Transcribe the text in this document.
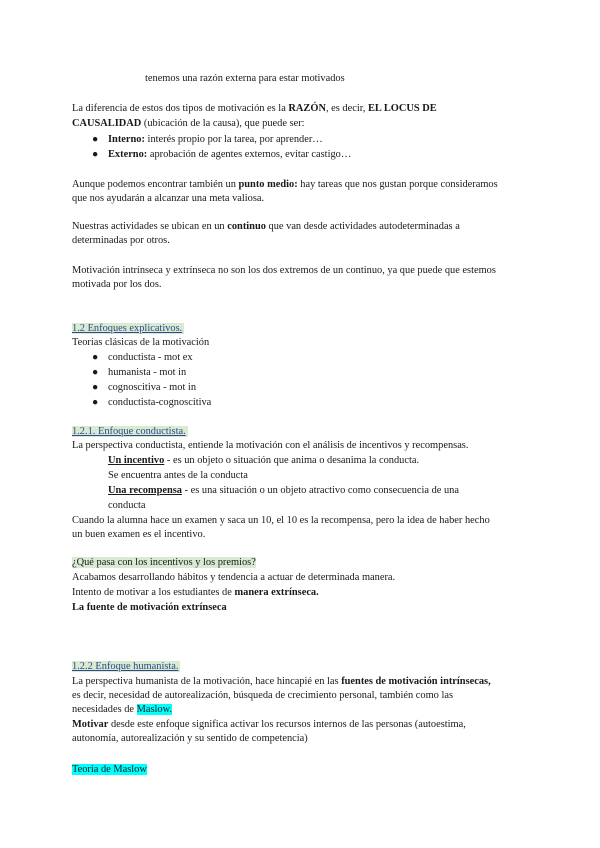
tenemos una razón externa para estar motivados
La diferencia de estos dos tipos de motivación es la RAZÓN, es decir, EL LOCUS DE
CAUSALIDAD (ubicación de la causa), que puede ser:
● Interno: interés propio por la tarea, por aprender…
● Externo: aprobación de agentes externos, evitar castigo…
Aunque podemos encontrar también un punto medio: hay tareas que nos gustan porque consideramos
que nos ayudarán a alcanzar una meta valiosa.
Nuestras actividades se ubican en un continuo que van desde actividades autodeterminadas a
determinadas por otros.
Motivación intrínseca y extrínseca no son los dos extremos de un continuo, ya que puede que estemos
motivada por los dos.
1.2 Enfoques explicativos.
Teorías clásicas de la motivación
● conductista - mot ex
● humanista - mot in
● cognoscitiva - mot in
● conductista-cognoscitiva
1.2.1. Enfoque conductista.
La perspectiva conductista, entiende la motivación con el análisis de incentivos y recompensas.
Un incentivo - es un objeto o situación que anima o desanima la conducta.
Se encuentra antes de la conducta
Una recompensa - es una situación o un objeto atractivo como consecuencia de una
conducta
Cuando la alumna hace un examen y saca un 10, el 10 es la recompensa, pero la idea de haber hecho
un buen examen es el incentivo.
¿Qué pasa con los incentivos y los premios?
Acabamos desarrollando hábitos y tendencia a actuar de determinada manera.
Intento de motivar a los estudiantes de manera extrínseca.
La fuente de motivación extrínseca
1.2.2 Enfoque humanista.
La perspectiva humanista de la motivación, hace hincapié en las fuentes de motivación intrínsecas,
es decir, necesidad de autorealización, búsqueda de crecimiento personal, también como las
necesidades de Maslow.
Motivar desde este enfoque significa activar los recursos internos de las personas (autoestima,
autonomía, autorealización y su sentido de competencia)
Teoria de Maslow
